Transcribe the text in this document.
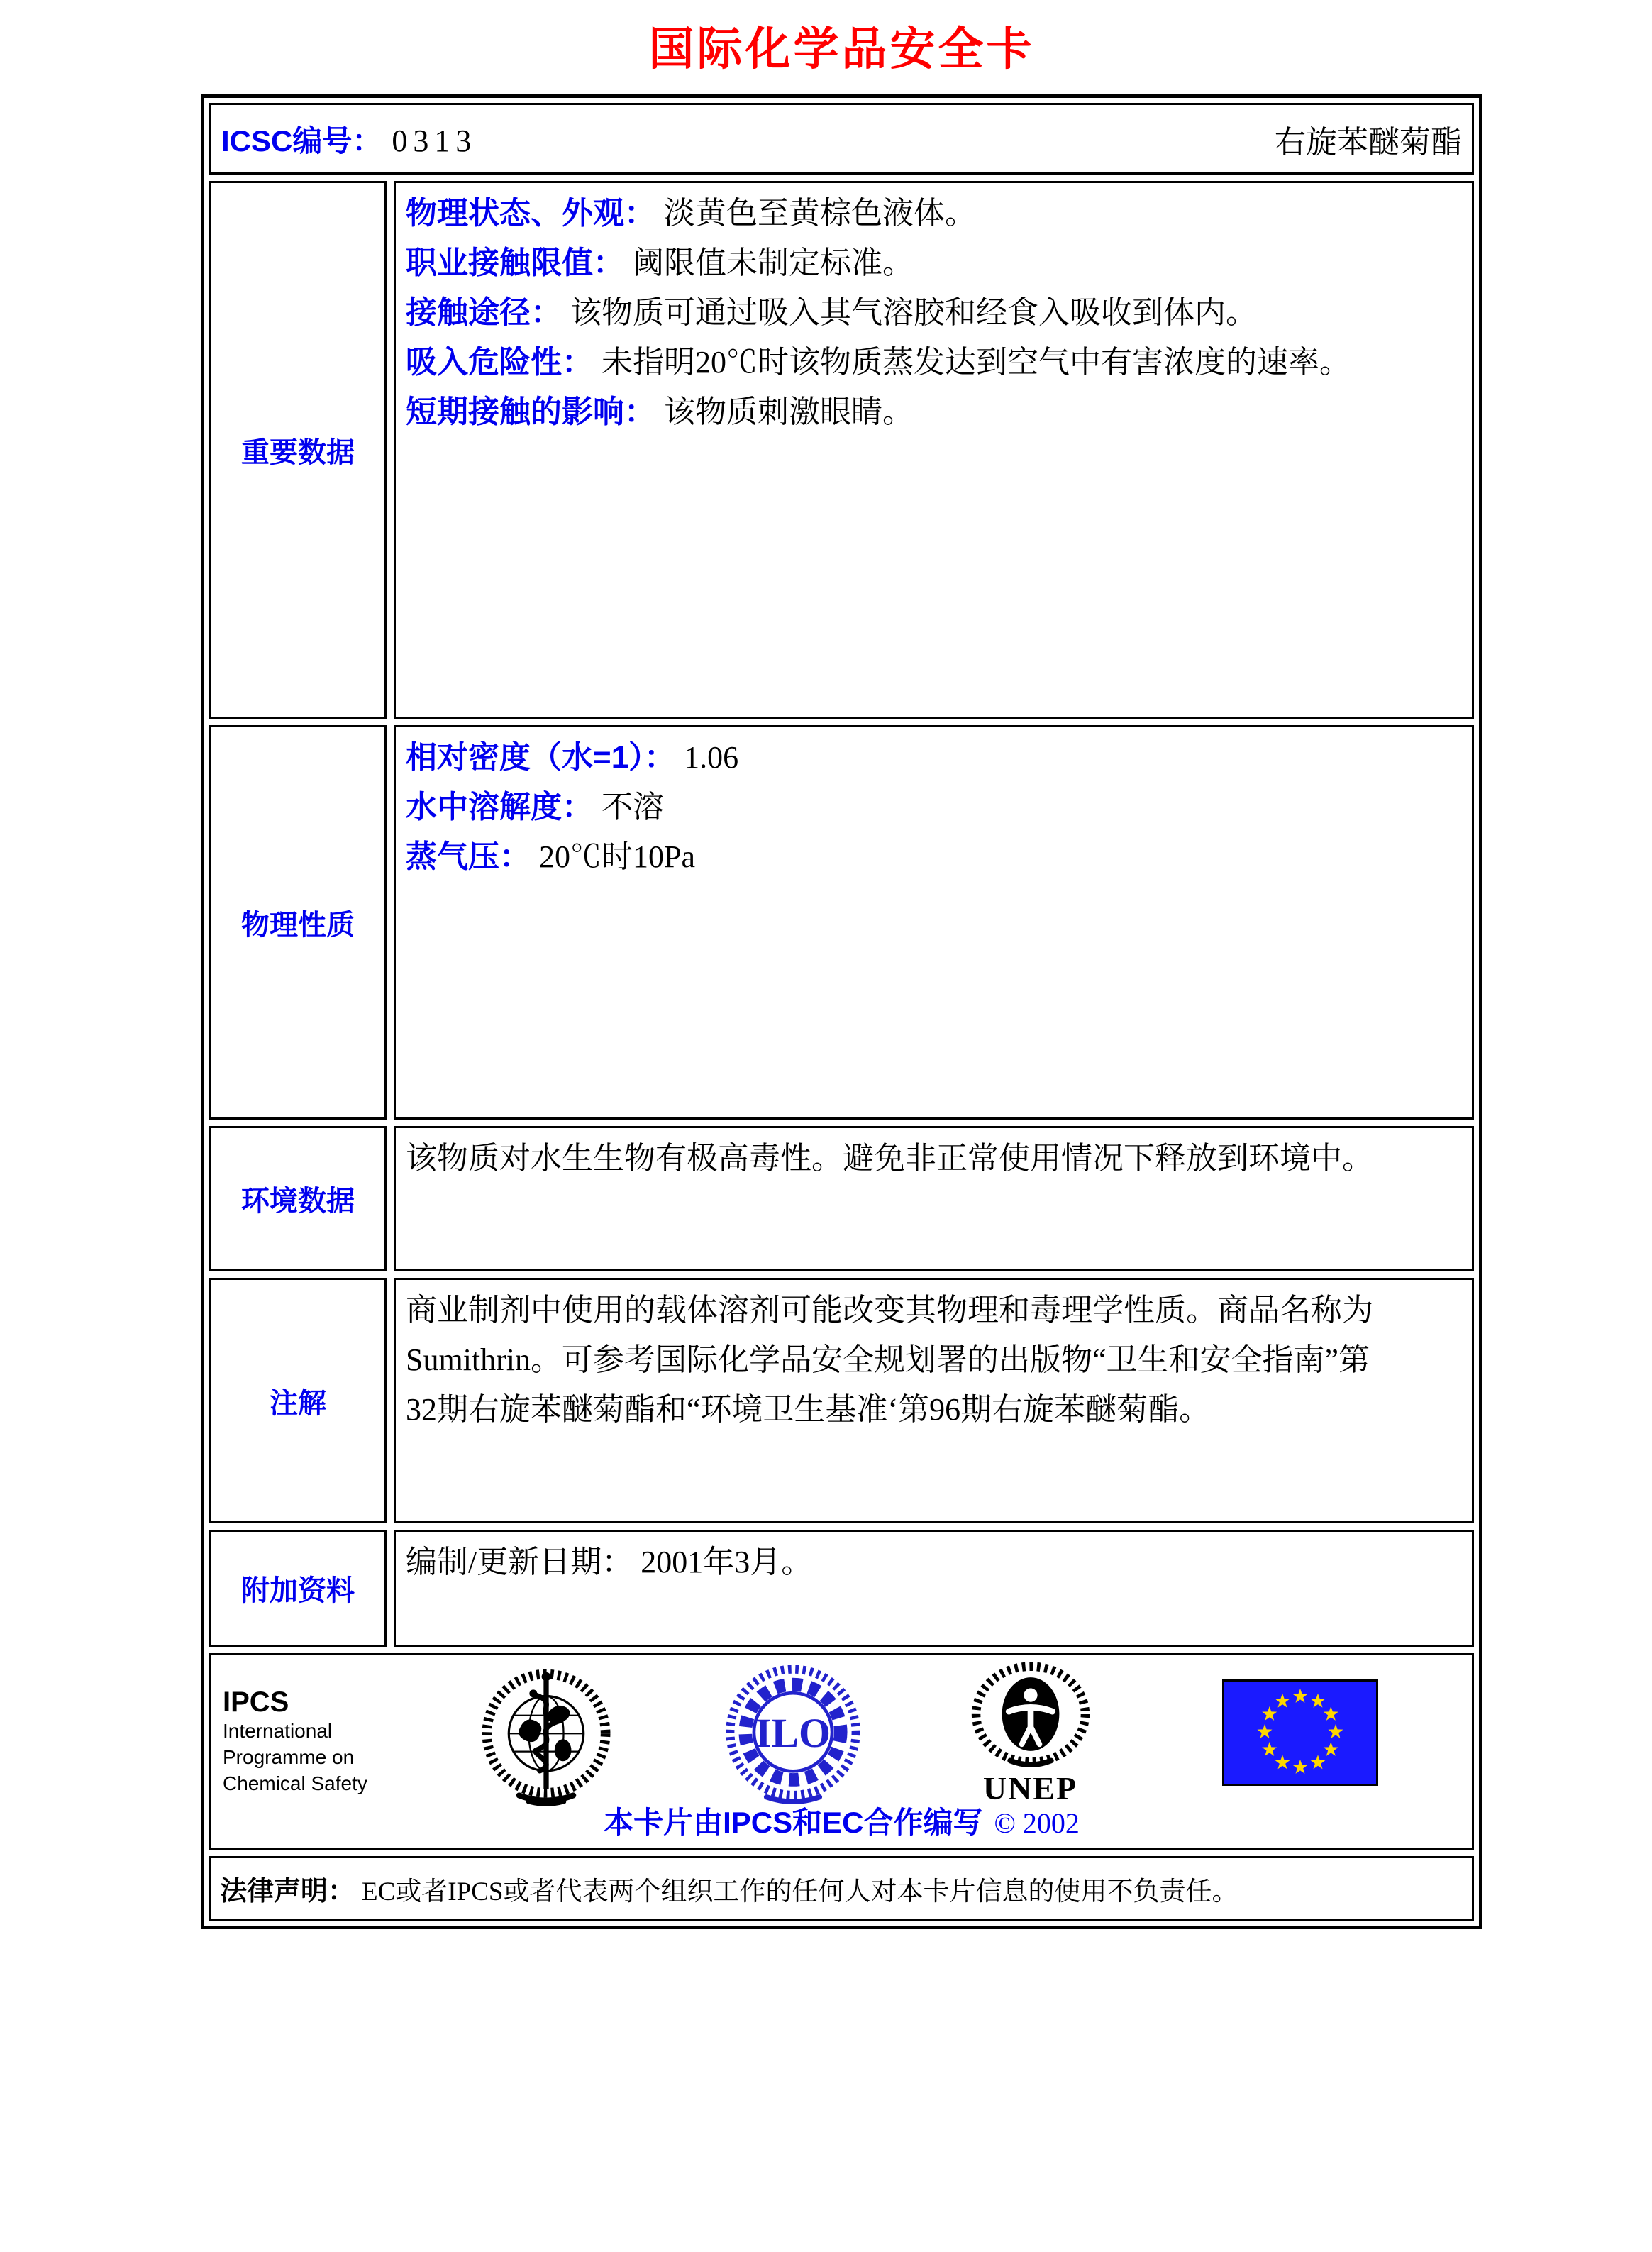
国际化学品安全卡
ICSC编号： 0313	右旋苯醚菊酯
重要数据
物理状态、外观： 淡黄色至黄棕色液体。
职业接触限值： 阈限值未制定标准。
接触途径： 该物质可通过吸入其气溶胶和经食入吸收到体内。
吸入危险性： 未指明20℃时该物质蒸发达到空气中有害浓度的速率。
短期接触的影响： 该物质刺激眼睛。
物理性质
相对密度（水=1）： 1.06
水中溶解度： 不溶
蒸气压： 20℃时10Pa
环境数据
该物质对水生生物有极高毒性。避免非正常使用情况下释放到环境中。
注解
商业制剂中使用的载体溶剂可能改变其物理和毒理学性质。商品名称为Sumithrin。可参考国际化学品安全规划署的出版物“卫生和安全指南”第32期右旋苯醚菊酯和“环境卫生基准‘第96期右旋苯醚菊酯。
附加资料
编制/更新日期： 2001年3月。
IPCS
International
Programme on
Chemical Safety
ILO
UNEP
本卡片由IPCS和EC合作编写 © 2002
法律声明： EC或者IPCS或者代表两个组织工作的任何人对本卡片信息的使用不负责任。
